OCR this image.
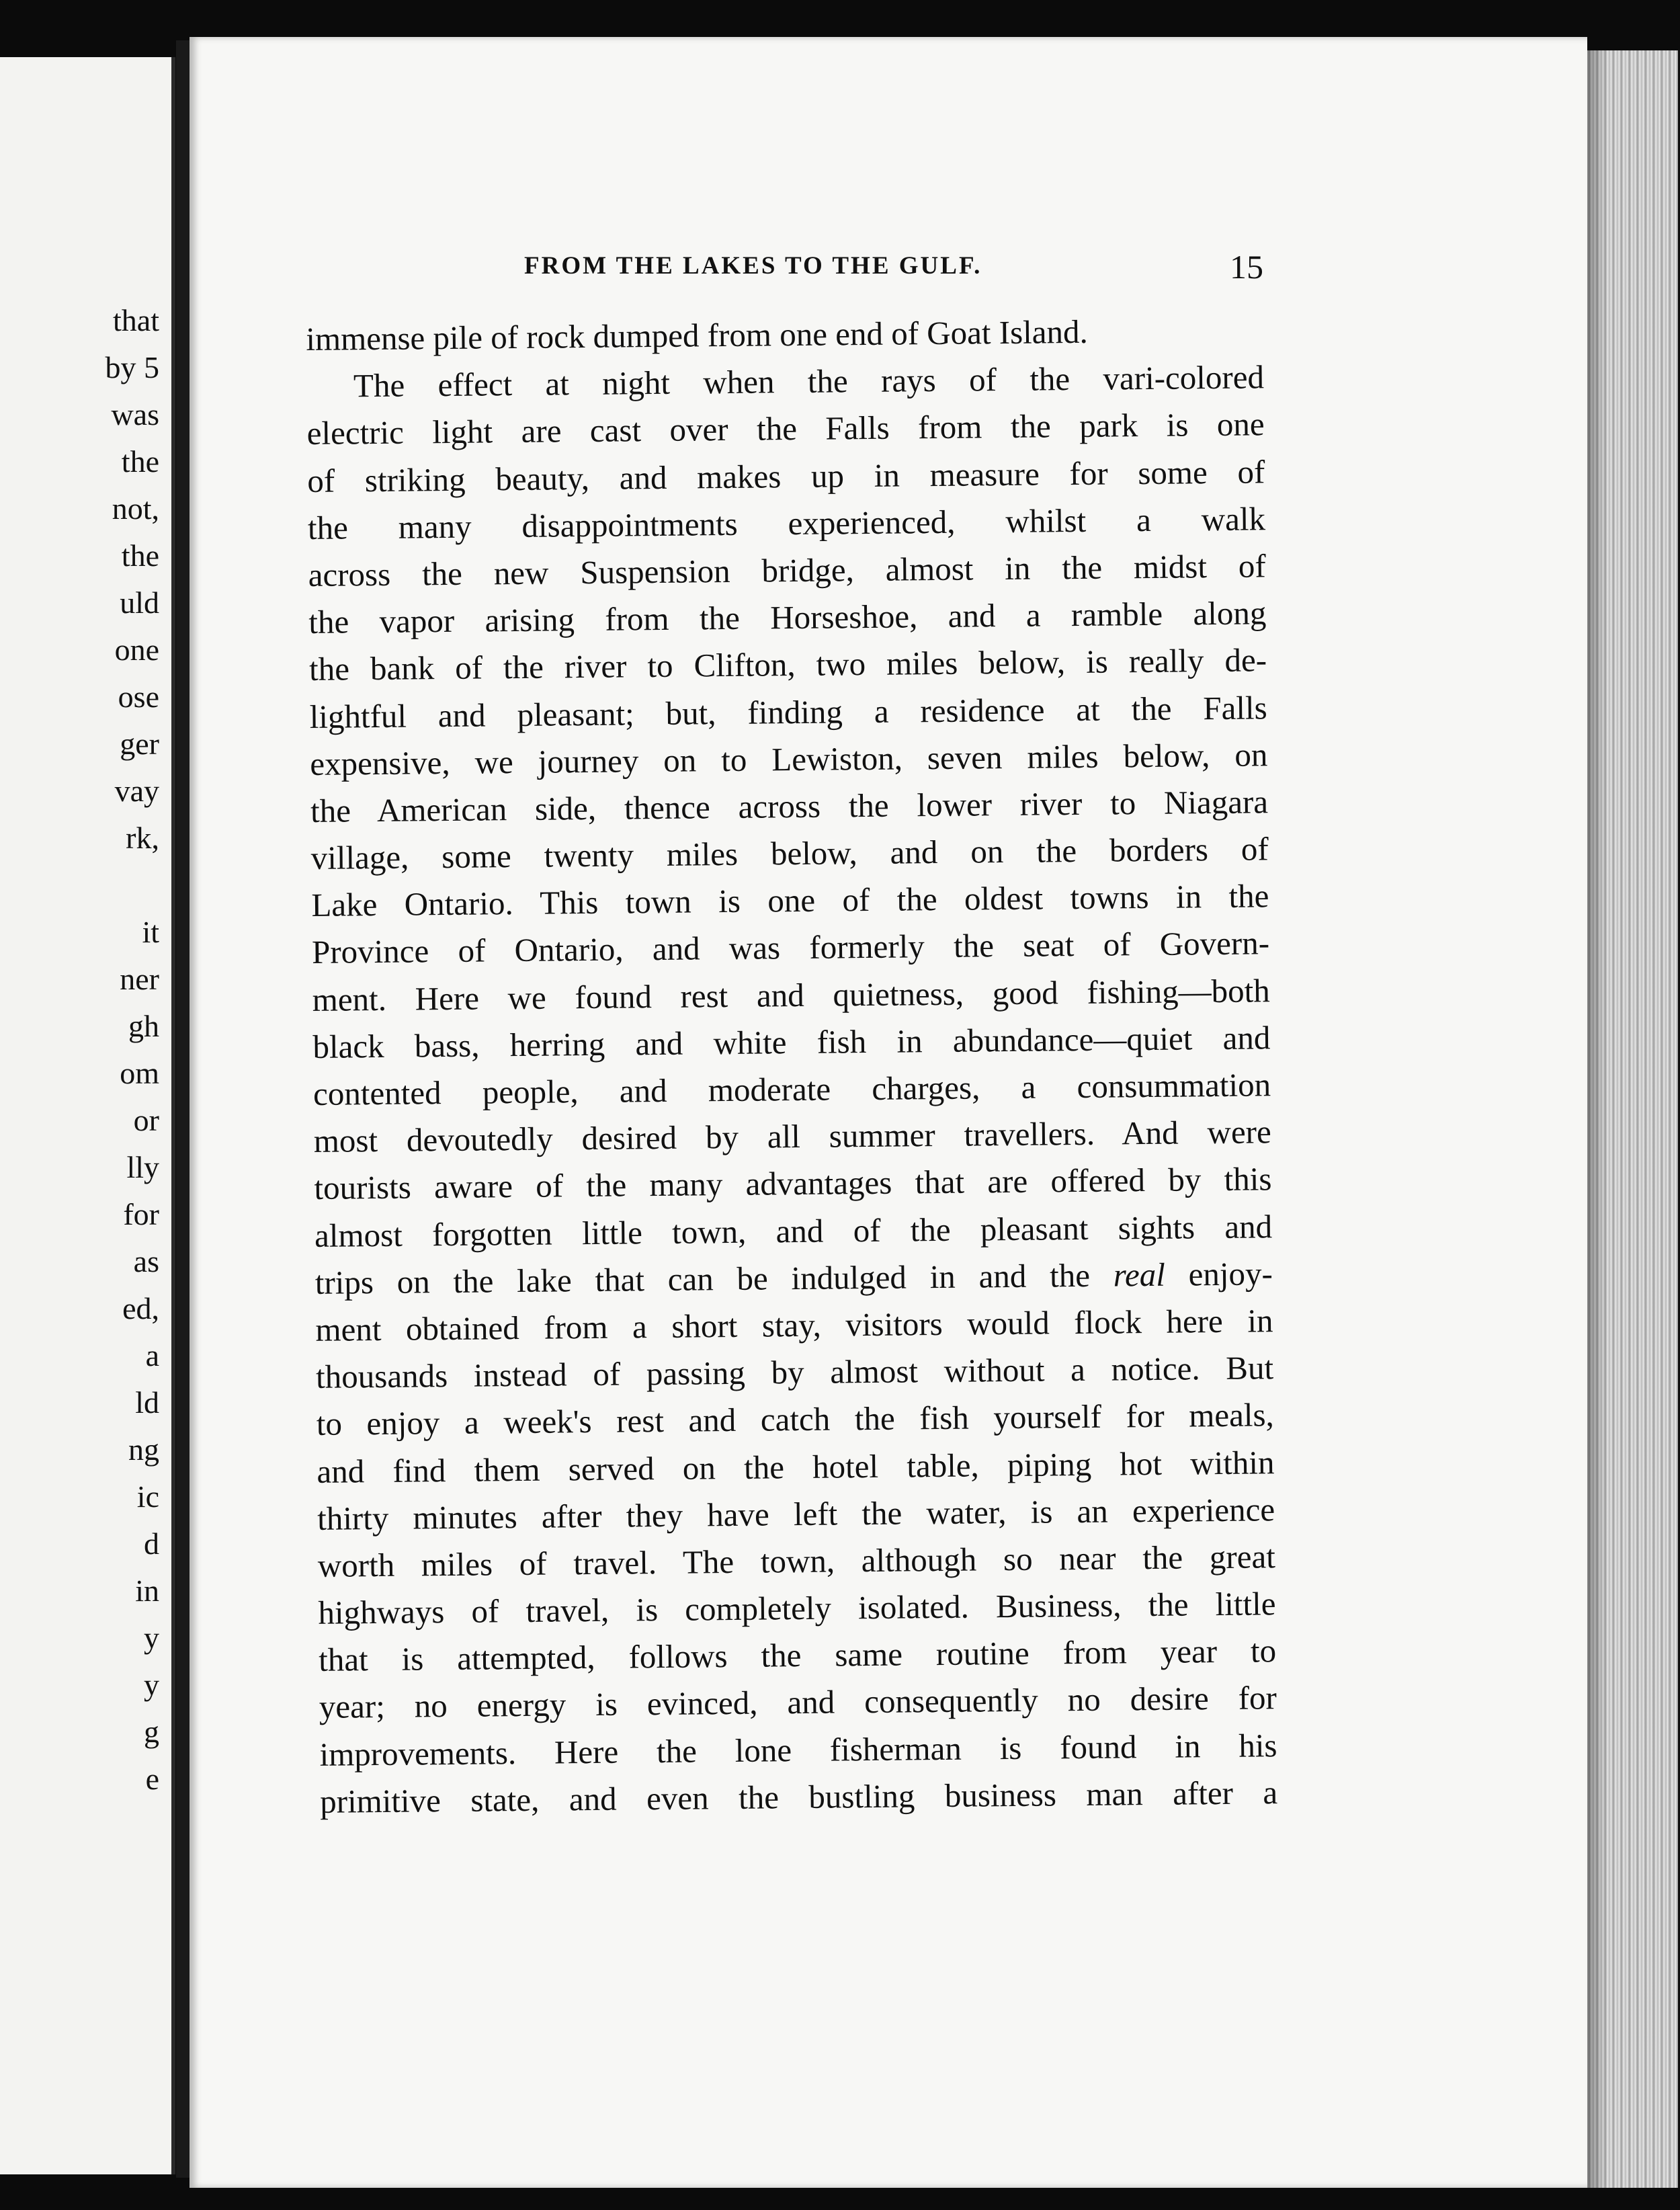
that
by 5
was
the
not,
the
uld
one
ose
ger
vay
rk,
it
ner
gh
om
or
lly
for
as
ed,
a
ld
ng
ic
d
in
y
y
g
e
FROM THE LAKES TO THE GULF.	15
immense pile of rock dumped from one end of Goat Island.
The effect at night when the rays of the vari-colored
electric light are cast over the Falls from the park is one
of striking beauty, and makes up in measure for some of
the many disappointments experienced, whilst a walk
across the new Suspension bridge, almost in the midst of
the vapor arising from the Horseshoe, and a ramble along
the bank of the river to Clifton, two miles below, is really de-
lightful and pleasant; but, finding a residence at the Falls
expensive, we journey on to Lewiston, seven miles below, on
the American side, thence across the lower river to Niagara
village, some twenty miles below, and on the borders of
Lake Ontario. This town is one of the oldest towns in the
Province of Ontario, and was formerly the seat of Govern-
ment. Here we found rest and quietness, good fishing—both
black bass, herring and white fish in abundance—quiet and
contented people, and moderate charges, a consummation
most devoutedly desired by all summer travellers. And were
tourists aware of the many advantages that are offered by this
almost forgotten little town, and of the pleasant sights and
trips on the lake that can be indulged in and the real enjoy-
ment obtained from a short stay, visitors would flock here in
thousands instead of passing by almost without a notice. But
to enjoy a week's rest and catch the fish yourself for meals,
and find them served on the hotel table, piping hot within
thirty minutes after they have left the water, is an experience
worth miles of travel. The town, although so near the great
highways of travel, is completely isolated. Business, the little
that is attempted, follows the same routine from year to
year; no energy is evinced, and consequently no desire for
improvements. Here the lone fisherman is found in his
primitive state, and even the bustling business man after a
